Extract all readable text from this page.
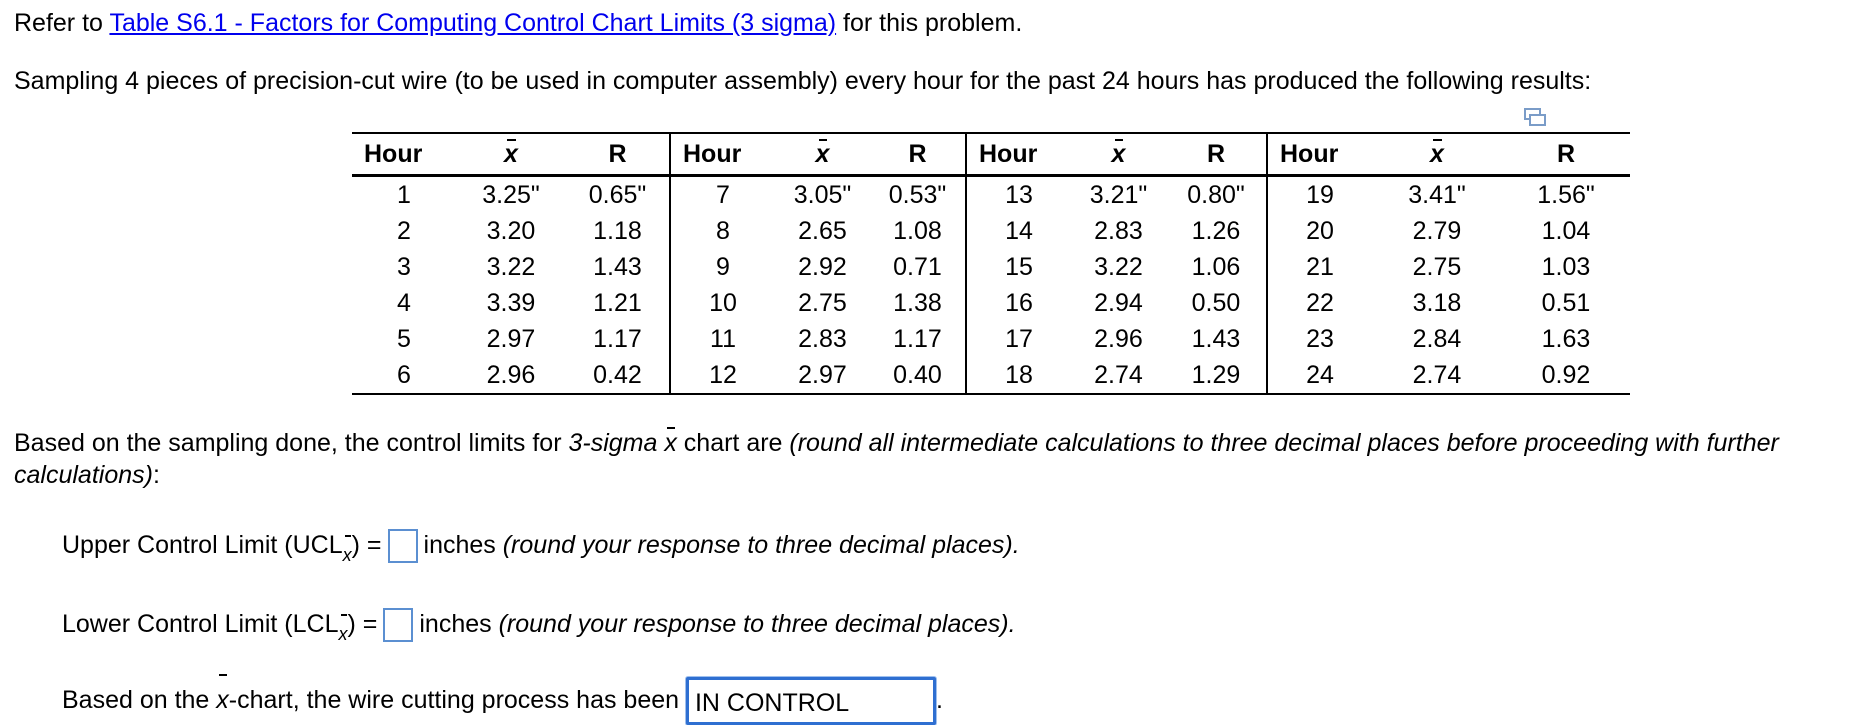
Refer to Table S6.1 - Factors for Computing Control Chart Limits (3 sigma) for this problem.
Sampling 4 pieces of precision-cut wire (to be used in computer assembly) every hour for the past 24 hours has produced the following results:
Hour	x	R	Hour	x	R	Hour	x	R	Hour	x	R
1	3.25"	0.65"	7	3.05"	0.53"	13	3.21"	0.80"	19	3.41"	1.56"
2	3.20	1.18	8	2.65	1.08	14	2.83	1.26	20	2.79	1.04
3	3.22	1.43	9	2.92	0.71	15	3.22	1.06	21	2.75	1.03
4	3.39	1.21	10	2.75	1.38	16	2.94	0.50	22	3.18	0.51
5	2.97	1.17	11	2.83	1.17	17	2.96	1.43	23	2.84	1.63
6	2.96	0.42	12	2.97	0.40	18	2.74	1.29	24	2.74	0.92
Based on the sampling done, the control limits for 3-sigma x chart are (round all intermediate calculations to three decimal places before proceeding with further
calculations):
Upper Control Limit $(UCL_x)$ = inches (round your response to three decimal places).
Lower Control Limit $(LCL_x)$ = inches (round your response to three decimal places).
Based on the x-chart, the wire cutting process has been IN CONTROL	.
